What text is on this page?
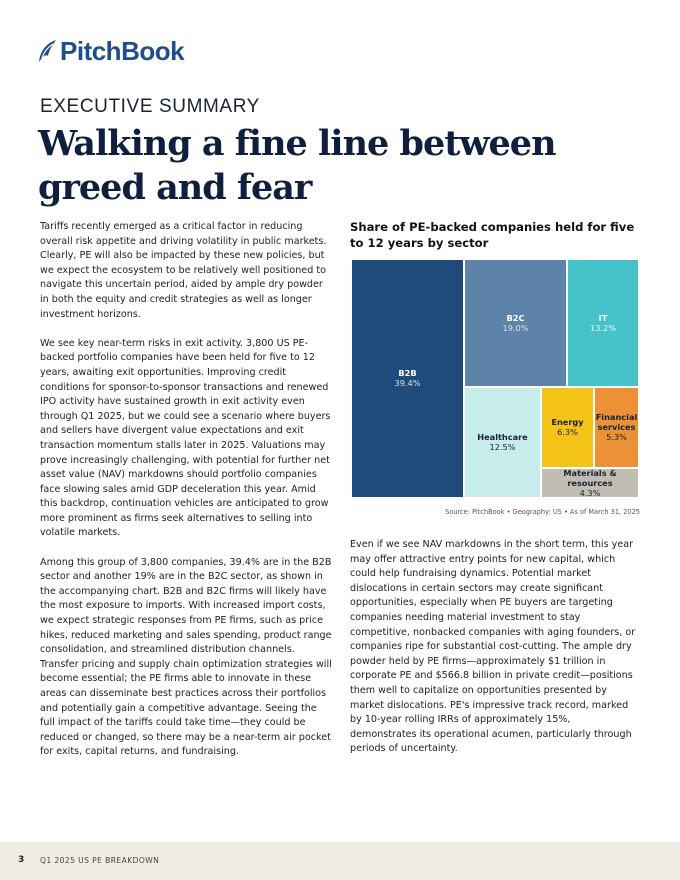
PitchBook
EXECUTIVE SUMMARY
Walking a fine line between
greed and fear

Tariffs recently emerged as a critical factor in reducing overall risk appetite and driving volatility in public markets. Clearly, PE will also be impacted by these new policies, but we expect the ecosystem to be relatively well positioned to navigate this uncertain period, aided by ample dry powder in both the equity and credit strategies as well as longer investment horizons.

We see key near-term risks in exit activity. 3,800 US PE-backed portfolio companies have been held for five to 12 years, awaiting exit opportunities. Improving credit conditions for sponsor-to-sponsor transactions and renewed IPO activity have sustained growth in exit activity even through Q1 2025, but we could see a scenario where buyers and sellers have divergent value expectations and exit transaction momentum stalls later in 2025. Valuations may prove increasingly challenging, with potential for further net asset value (NAV) markdowns should portfolio companies face slowing sales amid GDP deceleration this year. Amid this backdrop, continuation vehicles are anticipated to grow more prominent as firms seek alternatives to selling into volatile markets.

Among this group of 3,800 companies, 39.4% are in the B2B sector and another 19% are in the B2C sector, as shown in the accompanying chart. B2B and B2C firms will likely have the most exposure to imports. With increased import costs, we expect strategic responses from PE firms, such as price hikes, reduced marketing and sales spending, product range consolidation, and streamlined distribution channels. Transfer pricing and supply chain optimization strategies will become essential; the PE firms able to innovate in these areas can disseminate best practices across their portfolios and potentially gain a competitive advantage. Seeing the full impact of the tariffs could take time—they could be reduced or changed, so there may be a near-term air pocket for exits, capital returns, and fundraising.

Share of PE-backed companies held for five to 12 years by sector
B2B
39.4%
B2C
19.0%
IT
13.2%
Healthcare
12.5%
Energy
6.3%
Financial
services
5.3%
Materials & resources
4.3%
Source: PitchBook • Geography: US • As of March 31, 2025

Even if we see NAV markdowns in the short term, this year may offer attractive entry points for new capital, which could help fundraising dynamics. Potential market dislocations in certain sectors may create significant opportunities, especially when PE buyers are targeting companies needing material investment to stay competitive, nonbacked companies with aging founders, or companies ripe for substantial cost-cutting. The ample dry powder held by PE firms—approximately $1 trillion in corporate PE and $566.8 billion in private credit—positions them well to capitalize on opportunities presented by market dislocations. PE's impressive track record, marked by 10-year rolling IRRs of approximately 15%, demonstrates its operational acumen, particularly through periods of uncertainty.

3 Q1 2025 US PE BREAKDOWN
